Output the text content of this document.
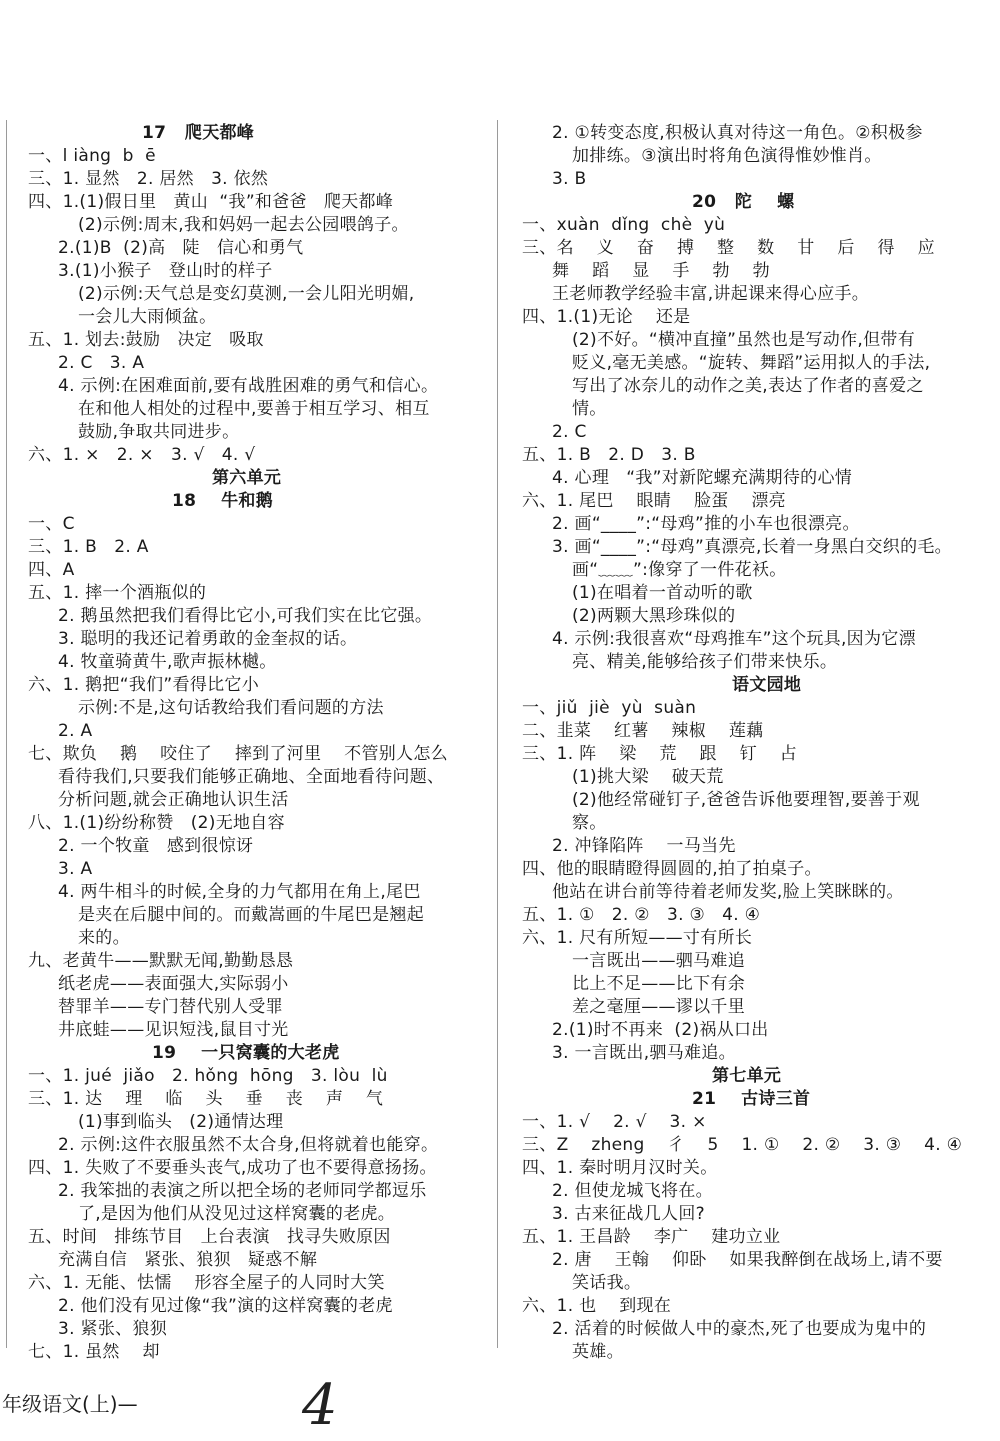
17   爬天都峰
一、l iàng  b  ē
三、1. 显然   2. 居然   3. 依然
四、1.(1)假日里   黄山  “我”和爸爸   爬天都峰
(2)示例:周末,我和妈妈一起去公园喂鸽子。
2.(1)B  (2)高   陡   信心和勇气
3.(1)小猴子   登山时的样子
(2)示例:天气总是变幻莫测,一会儿阳光明媚,
一会儿大雨倾盆。
五、1. 划去:鼓励   决定   吸取
2. C   3. A
4. 示例:在困难面前,要有战胜困难的勇气和信心。
在和他人相处的过程中,要善于相互学习、相互
鼓励,争取共同进步。
六、1. ×   2. ×   3. √   4. √
第六单元
18    牛和鹅
一、C
三、1. B   2. A
四、A
五、1. 摔一个酒瓶似的
2. 鹅虽然把我们看得比它小,可我们实在比它强。
3. 聪明的我还记着勇敢的金奎叔的话。
4. 牧童骑黄牛,歌声振林樾。
六、1. 鹅把“我们”看得比它小
示例:不是,这句话教给我们看问题的方法
2. A
七、欺负    鹅    咬住了    摔到了河里    不管别人怎么
看待我们,只要我们能够正确地、全面地看待问题、
分析问题,就会正确地认识生活
八、1.(1)纷纷称赞   (2)无地自容
2. 一个牧童   感到很惊讶
3. A
4. 两牛相斗的时候,全身的力气都用在角上,尾巴
是夹在后腿中间的。而戴嵩画的牛尾巴是翘起
来的。
九、老黄牛——默默无闻,勤勤恳恳
纸老虎——表面强大,实际弱小
替罪羊——专门替代别人受罪
井底蛙——见识短浅,鼠目寸光
19    一只窝囊的大老虎
一、1. jué  jiǎo   2. hǒng  hōng   3. lòu  lù
三、1. 达    理    临    头    垂    丧    声    气
(1)事到临头   (2)通情达理
2. 示例:这件衣服虽然不太合身,但将就着也能穿。
四、1. 失败了不要垂头丧气,成功了也不要得意扬扬。
2. 我笨拙的表演之所以把全场的老师同学都逗乐
了,是因为他们从没见过这样窝囊的老虎。
五、时间   排练节目   上台表演   找寻失败原因
充满自信   紧张、狼狈   疑惑不解
六、1. 无能、怯懦    形容全屋子的人同时大笑
2. 他们没有见过像“我”演的这样窝囊的老虎
3. 紧张、狼狈
七、1. 虽然    却
2. ①转变态度,积极认真对待这一角色。②积极参
加排练。③演出时将角色演得惟妙惟肖。
3. B
20   陀    螺
一、xuàn  dǐng  chè  yù
三、名    义    奋    搏    整    数    甘    后    得    应
舞    蹈    显    手    勃    勃
王老师教学经验丰富,讲起课来得心应手。
四、1.(1)无论    还是
(2)不好。“横冲直撞”虽然也是写动作,但带有
贬义,毫无美感。“旋转、舞蹈”运用拟人的手法,
写出了冰奈儿的动作之美,表达了作者的喜爱之
情。
2. C
五、1. B   2. D   3. B
4. 心理   “我”对新陀螺充满期待的心情
六、1. 尾巴    眼睛    脸蛋    漂亮
2. 画“____”:“母鸡”推的小车也很漂亮。
3. 画“____”:“母鸡”真漂亮,长着一身黑白交织的毛。
画“﹏﹏”:像穿了一件花袄。
(1)在唱着一首动听的歌
(2)两颗大黑珍珠似的
4. 示例:我很喜欢“母鸡推车”这个玩具,因为它漂
亮、精美,能够给孩子们带来快乐。
语文园地
一、jiǔ  jiè  yù  suàn
二、韭菜    红薯    辣椒    莲藕
三、1. 阵    梁    荒    跟    钉    占
(1)挑大梁    破天荒
(2)他经常碰钉子,爸爸告诉他要理智,要善于观
察。
2. 冲锋陷阵    一马当先
四、他的眼睛瞪得圆圆的,拍了拍桌子。
他站在讲台前等待着老师发奖,脸上笑眯眯的。
五、1. ①   2. ②   3. ③   4. ④
六、1. 尺有所短——寸有所长
一言既出——驷马难追
比上不足——比下有余
差之毫厘——谬以千里
2.(1)时不再来  (2)祸从口出
3. 一言既出,驷马难追。
第七单元
21    古诗三首
一、1. √    2. √    3. ×
三、Z    zheng    彳    5    1. ①    2. ②    3. ③    4. ④
四、1. 秦时明月汉时关。
2. 但使龙城飞将在。
3. 古来征战几人回?
五、1. 王昌龄    李广    建功立业
2. 唐    王翰    仰卧    如果我醉倒在战场上,请不要
笑话我。
六、1. 也    到现在
2. 活着的时候做人中的豪杰,死了也要成为鬼中的
英雄。
年级语文(上)—	4
